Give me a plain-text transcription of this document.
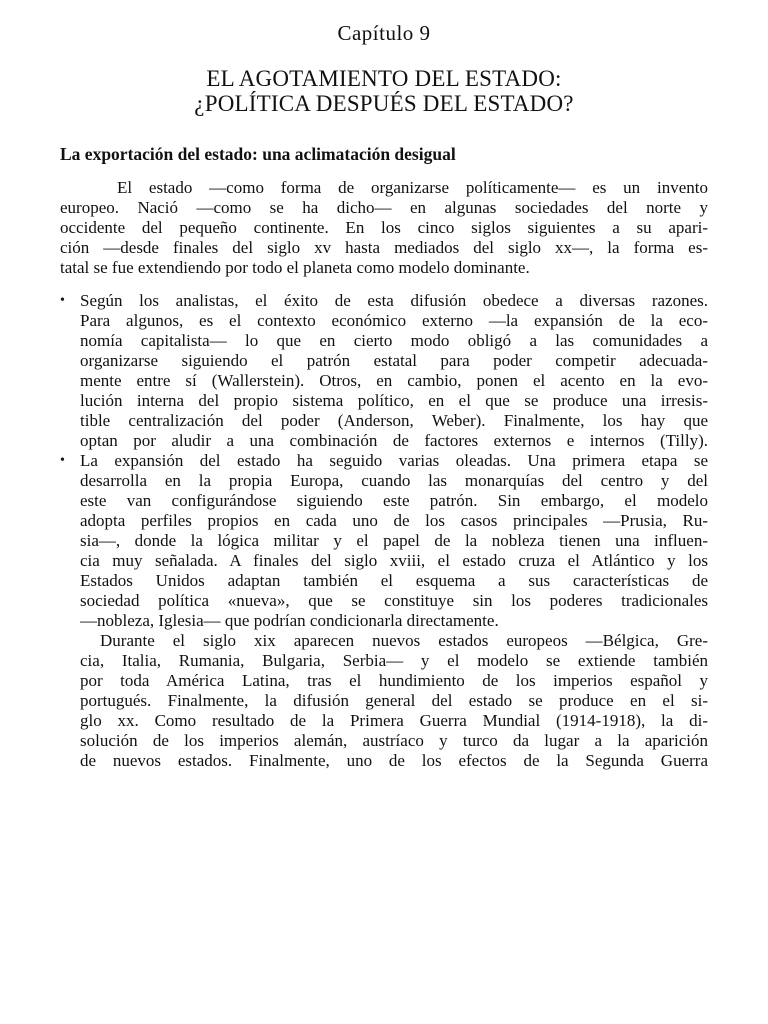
Capítulo 9
EL AGOTAMIENTO DEL ESTADO:
¿POLÍTICA DESPUÉS DEL ESTADO?
La exportación del estado: una aclimatación desigual
El estado —como forma de organizarse políticamente— es un invento
europeo. Nació —como se ha dicho— en algunas sociedades del norte y
occidente del pequeño continente. En los cinco siglos siguientes a su apari-
ción —desde finales del siglo xv hasta mediados del siglo xx—, la forma es-
tatal se fue extendiendo por todo el planeta como modelo dominante.
• Según los analistas, el éxito de esta difusión obedece a diversas razones.
Para algunos, es el contexto económico externo —la expansión de la eco-
nomía capitalista— lo que en cierto modo obligó a las comunidades a
organizarse siguiendo el patrón estatal para poder competir adecuada-
mente entre sí (Wallerstein). Otros, en cambio, ponen el acento en la evo-
lución interna del propio sistema político, en el que se produce una irresis-
tible centralización del poder (Anderson, Weber). Finalmente, los hay que
optan por aludir a una combinación de factores externos e internos (Tilly).
• La expansión del estado ha seguido varias oleadas. Una primera etapa se
desarrolla en la propia Europa, cuando las monarquías del centro y del
este van configurándose siguiendo este patrón. Sin embargo, el modelo
adopta perfiles propios en cada uno de los casos principales —Prusia, Ru-
sia—, donde la lógica militar y el papel de la nobleza tienen una influen-
cia muy señalada. A finales del siglo xviii, el estado cruza el Atlántico y los
Estados Unidos adaptan también el esquema a sus características de
sociedad política «nueva», que se constituye sin los poderes tradicionales
—nobleza, Iglesia— que podrían condicionarla directamente.
Durante el siglo xix aparecen nuevos estados europeos —Bélgica, Gre-
cia, Italia, Rumania, Bulgaria, Serbia— y el modelo se extiende también
por toda América Latina, tras el hundimiento de los imperios español y
portugués. Finalmente, la difusión general del estado se produce en el si-
glo xx. Como resultado de la Primera Guerra Mundial (1914-1918), la di-
solución de los imperios alemán, austríaco y turco da lugar a la aparición
de nuevos estados. Finalmente, uno de los efectos de la Segunda Guerra
